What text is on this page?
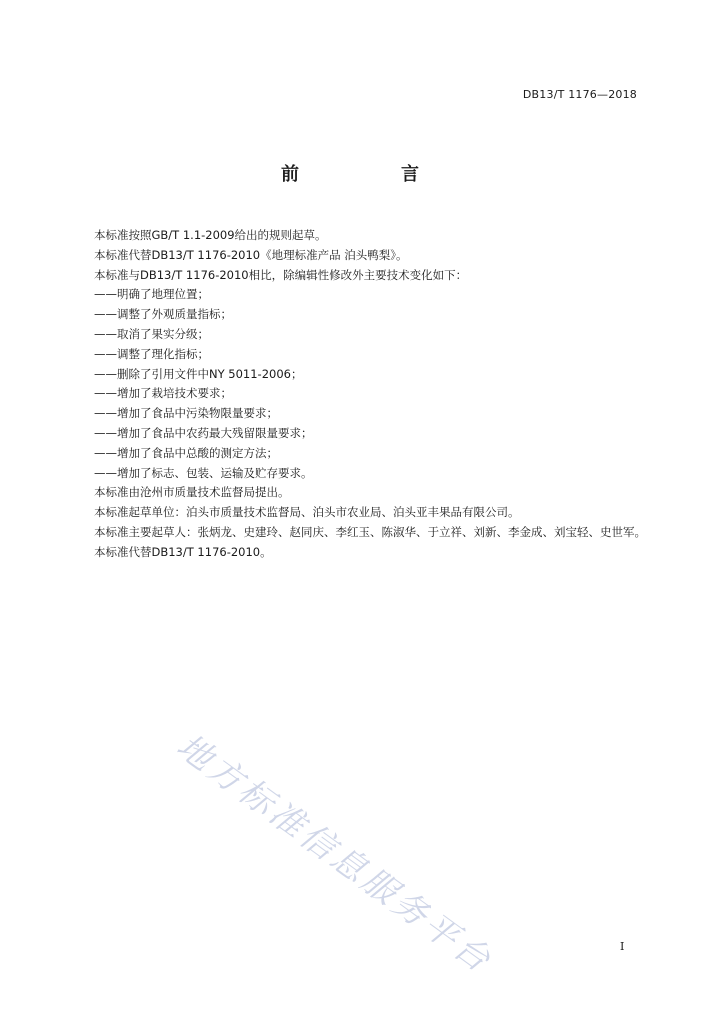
DB13/T 1176—2018
前　言

本标准按照GB/T 1.1-2009给出的规则起草。

本标准代替DB13/T 1176-2010《地理标准产品 泊头鸭梨》。

本标准与DB13/T 1176-2010相比，除编辑性修改外主要技术变化如下：

——明确了地理位置；

——调整了外观质量指标；

——取消了果实分级；

——调整了理化指标；

——删除了引用文件中NY 5011-2006；

——增加了栽培技术要求；

——增加了食品中污染物限量要求；

——增加了食品中农药最大残留限量要求；

——增加了食品中总酸的测定方法；

——增加了标志、包装、运输及贮存要求。

本标准由沧州市质量技术监督局提出。

本标准起草单位：泊头市质量技术监督局、泊头市农业局、泊头亚丰果品有限公司。

本标准主要起草人：张炳龙、史建玲、赵同庆、李红玉、陈淑华、于立祥、刘新、李金成、刘宝轻、史世军。

本标准代替DB13/T 1176-2010。

地方标准信息服务平台	I
